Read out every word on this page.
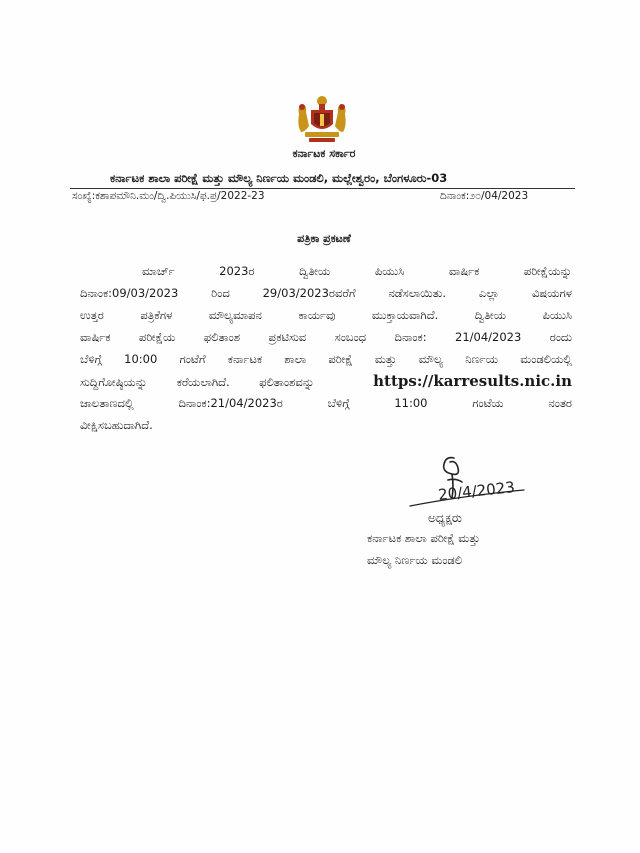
ಕರ್ನಾಟಕ ಸರ್ಕಾರ
ಕರ್ನಾಟಕ ಶಾಲಾ ಪರೀಕ್ಷೆ ಮತ್ತು ಮೌಲ್ಯ ನಿರ್ಣಯ ಮಂಡಲಿ, ಮಲ್ಲೇಶ್ವರಂ, ಬೆಂಗಳೂರು-03
ಸಂಖ್ಯೆ:ಕಶಾಪಮೌನಿ.ಮಂ/ದ್ವಿ.ಪಿಯುಸಿ/ಫ.ಪ್ರ/2022-23	ದಿನಾಂಕ:೨೦/04/2023
ಪತ್ರಿಕಾ ಪ್ರಕಟಣೆ
ಮಾರ್ಚ್ 2023ರ ದ್ವಿತೀಯ ಪಿಯುಸಿ ವಾರ್ಷಿಕ ಪರೀಕ್ಷೆಯನ್ನು
ದಿನಾಂಕ:09/03/2023 ರಿಂದ 29/03/2023ರವರೆಗೆ ನಡೆಸಲಾಯಿತು. ಎಲ್ಲಾ ವಿಷಯಗಳ
ಉತ್ತರ ಪತ್ರಿಕೆಗಳ ಮೌಲ್ಯಮಾಪನ ಕಾರ್ಯವು ಮುಕ್ತಾಯವಾಗಿದೆ. ದ್ವಿತೀಯ ಪಿಯುಸಿ
ವಾರ್ಷಿಕ ಪರೀಕ್ಷೆಯ ಫಲಿತಾಂಶ ಪ್ರಕಟಿಸುವ ಸಂಬಂಧ ದಿನಾಂಕ: 21/04/2023 ರಂದು
ಬೆಳಿಗ್ಗೆ 10:00 ಗಂಟೆಗೆ ಕರ್ನಾಟಕ ಶಾಲಾ ಪರೀಕ್ಷೆ ಮತ್ತು ಮೌಲ್ಯ ನಿರ್ಣಯ ಮಂಡಲಿಯಲ್ಲಿ
ಸುದ್ದಿಗೋಷ್ಠಿಯನ್ನು ಕರೆಯಲಾಗಿದೆ. ಫಲಿತಾಂಶವನ್ನು	https://karresults.nic.in
ಜಾಲತಾಣದಲ್ಲಿ ದಿನಾಂಕ:21/04/2023ರ ಬೆಳಿಗ್ಗೆ 11:00 ಗಂಟೆಯ ನಂತರ
ವೀಕ್ಷಿಸಬಹುದಾಗಿದೆ.
20/4/2023
ಅಧ್ಯಕ್ಷರು
ಕರ್ನಾಟಕ ಶಾಲಾ ಪರೀಕ್ಷೆ ಮತ್ತು
ಮೌಲ್ಯ ನಿರ್ಣಯ ಮಂಡಲಿ
